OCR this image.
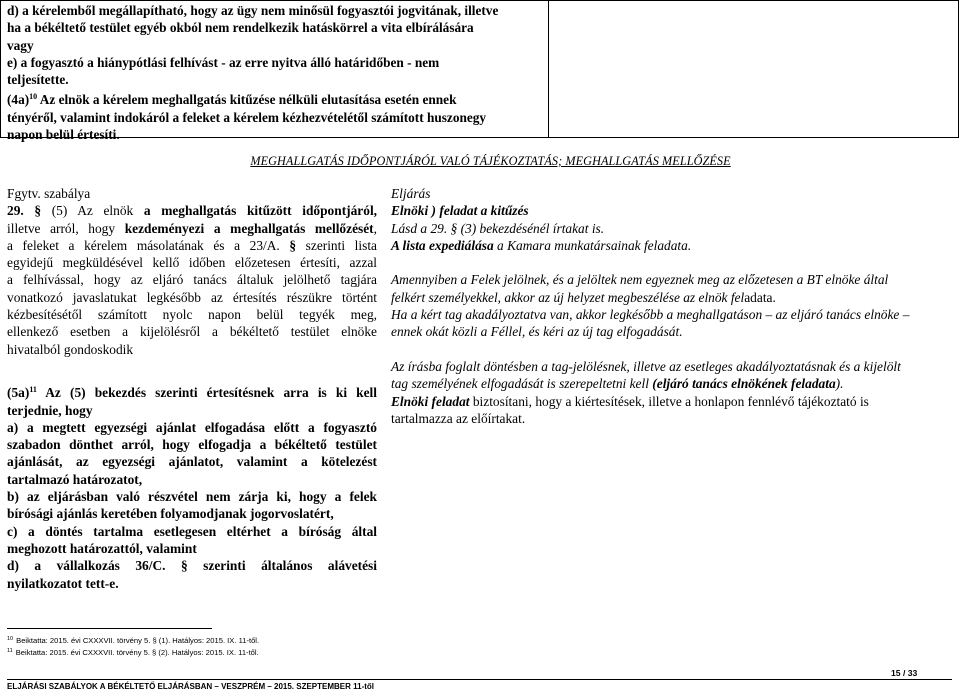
d) a kérelemből megállapítható, hogy az ügy nem minősül fogyasztói jogvitának, illetve
ha a békéltető testület egyéb okból nem rendelkezik hatáskörrel a vita elbírálására
vagy
e) a fogyasztó a hiánypótlási felhívást - az erre nyitva álló határidőben - nem
teljesítette.
(4a)$^{10}$ Az elnök a kérelem meghallgatás kitűzése nélküli elutasítása esetén ennek
tényéről, valamint indokáról a feleket a kérelem kézhezvételétől számított huszonegy
napon belül értesíti.
MEGHALLGATÁS IDŐPONTJÁRÓL VALÓ TÁJÉKOZTATÁS; MEGHALLGATÁS MELLŐZÉSE
Fgytv. szabálya
29. § (5) Az elnök a meghallgatás kitűzött időpontjáról,
illetve arról, hogy kezdeményezi a meghallgatás mellőzését,
a feleket a kérelem másolatának és a 23/A. § szerinti lista
egyidejű megküldésével kellő időben előzetesen értesíti, azzal
a felhívással, hogy az eljáró tanács általuk jelölhető tagjára
vonatkozó javaslatukat legkésőbb az értesítés részükre történt
kézbesítésétől számított nyolc napon belül tegyék meg,
ellenkező esetben a kijelölésről a békéltető testület elnöke
hivatalból gondoskodik
(5a)$^{11}$ Az (5) bekezdés szerinti értesítésnek arra is ki kell
terjednie, hogy
a) a megtett egyezségi ajánlat elfogadása előtt a fogyasztó
szabadon dönthet arról, hogy elfogadja a békéltető testület
ajánlását, az egyezségi ajánlatot, valamint a kötelezést
tartalmazó határozatot,
b) az eljárásban való részvétel nem zárja ki, hogy a felek
bírósági ajánlás keretében folyamodjanak jogorvoslatért,
c) a döntés tartalma esetlegesen eltérhet a bíróság által
meghozott határozattól, valamint
d) a vállalkozás 36/C. § szerinti általános alávetési
nyilatkozatot tett-e.
Eljárás
Elnöki ) feladat a kitűzés
Lásd a 29. § (3) bekezdésénél írtakat is.
A lista expediálása a Kamara munkatársainak feladata.
Amennyiben a Felek jelölnek, és a jelöltek nem egyeznek meg az előzetesen a BT elnöke által
felkért személyekkel, akkor az új helyzet megbeszélése az elnök feladata.
Ha a kért tag akadályoztatva van, akkor legkésőbb a meghallgatáson – az eljáró tanács elnöke –
ennek okát közli a Féllel, és kéri az új tag elfogadását.
Az írásba foglalt döntésben a tag-jelölésnek, illetve az esetleges akadályoztatásnak és a kijelölt
tag személyének elfogadását is szerepeltetni kell (eljáró tanács elnökének feladata).
Elnöki feladat biztosítani, hogy a kiértesítések, illetve a honlapon fennlévő tájékoztató is
tartalmazza az előírtakat.
$^{10}$ Beiktatta: 2015. évi CXXXVII. törvény 5. § (1). Hatályos: 2015. IX. 11-től.
$^{11}$ Beiktatta: 2015. évi CXXXVII. törvény 5. § (2). Hatályos: 2015. IX. 11-től.
15 / 33
ELJÁRÁSI SZABÁLYOK A BÉKÉLTETŐ ELJÁRÁSBAN – VESZPRÉM – 2015. SZEPTEMBER 11-től
